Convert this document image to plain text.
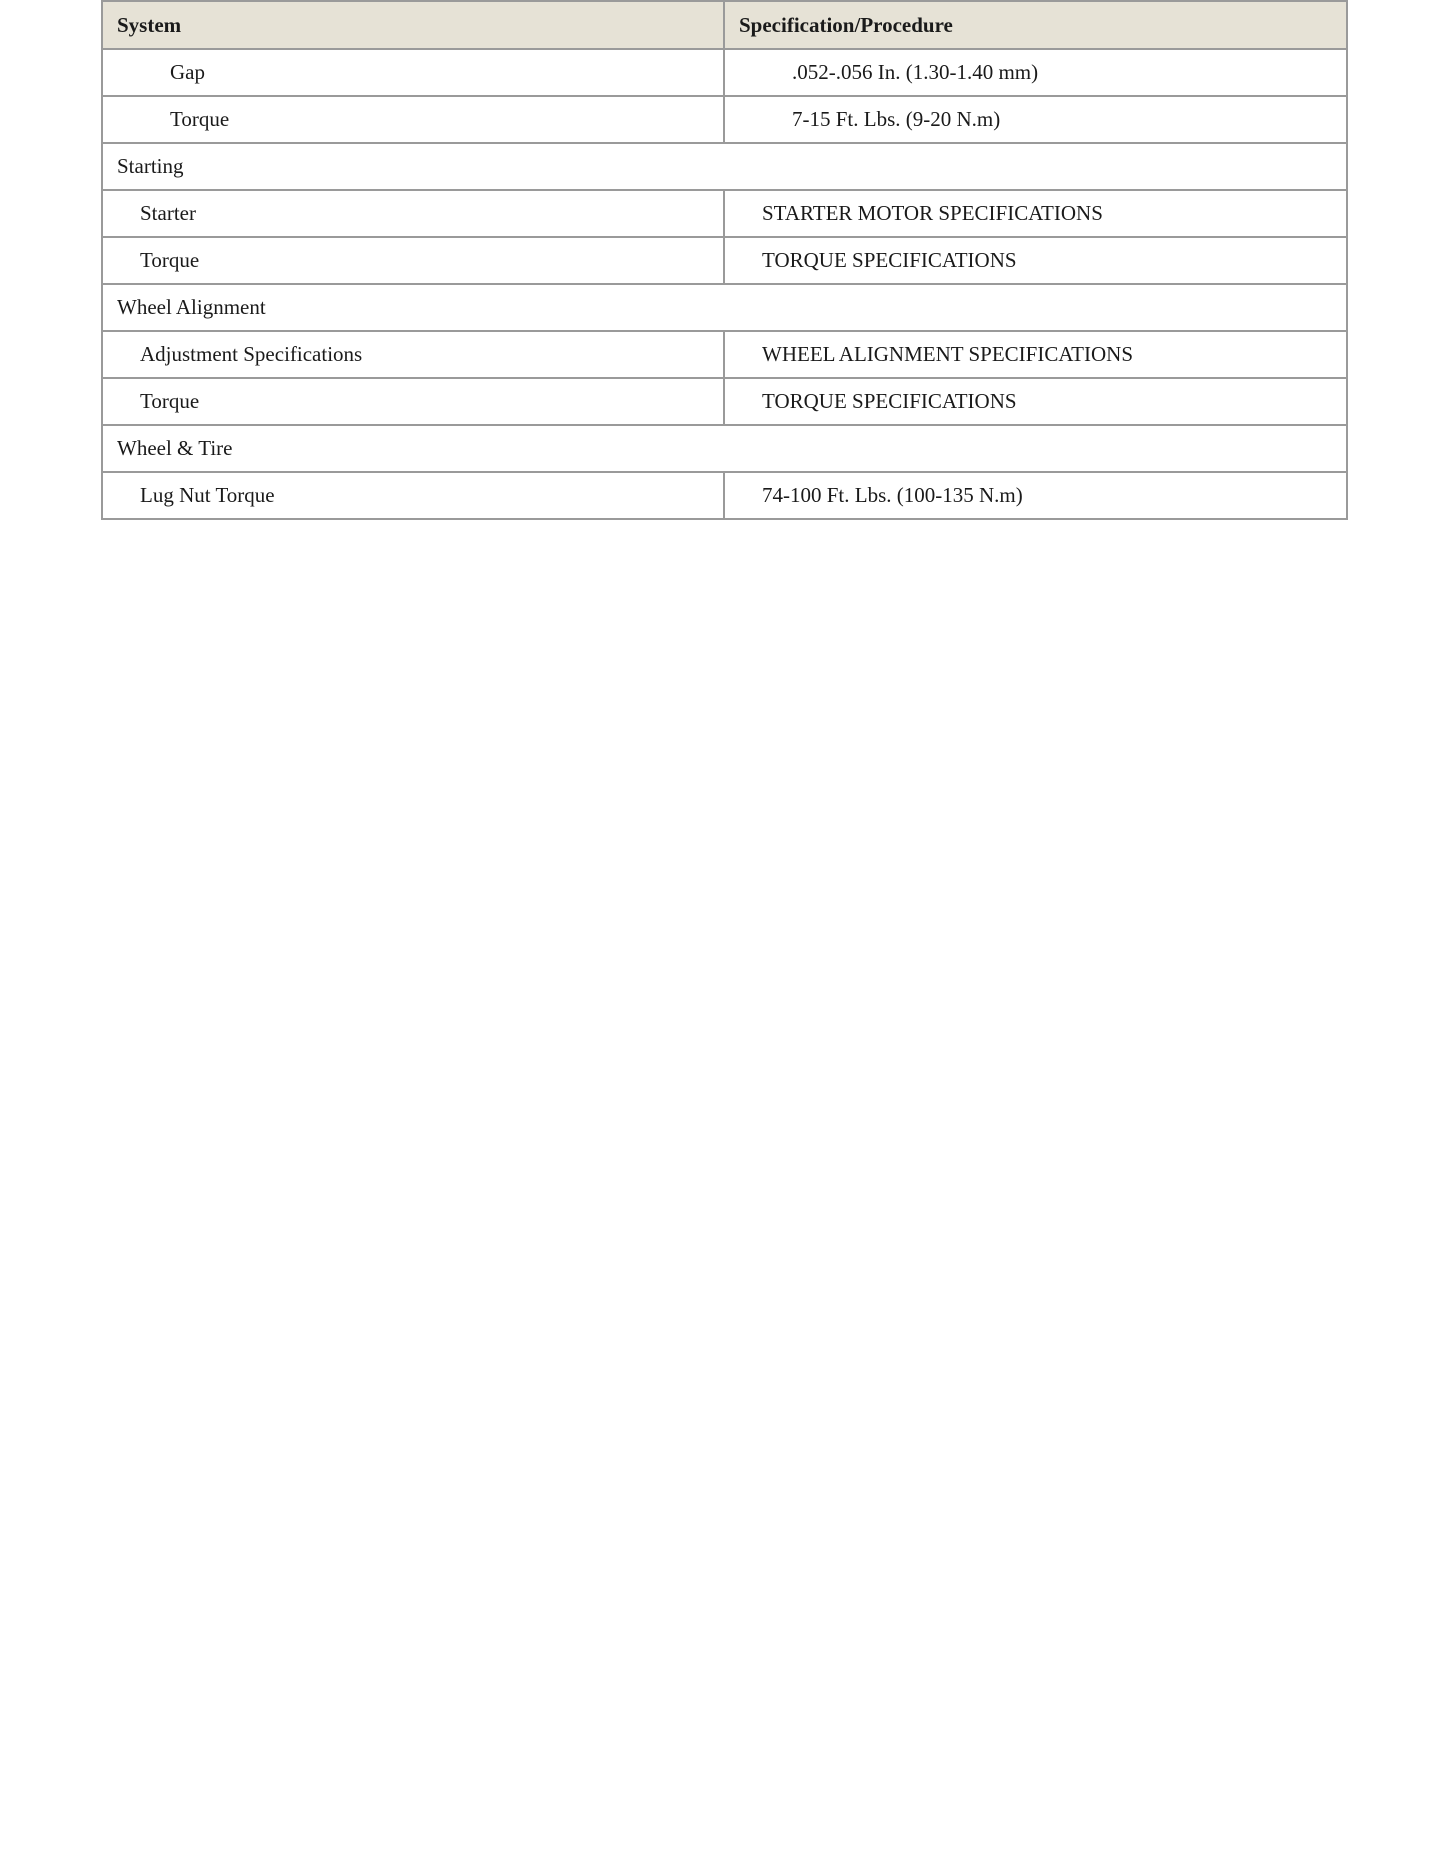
System	Specification/Procedure
Gap	.052-.056 In. (1.30-1.40 mm)
Torque	7-15 Ft. Lbs. (9-20 N.m)
Starting	
Starter	STARTER MOTOR SPECIFICATIONS
Torque	TORQUE SPECIFICATIONS
Wheel Alignment	
Adjustment Specifications	WHEEL ALIGNMENT SPECIFICATIONS
Torque	TORQUE SPECIFICATIONS
Wheel & Tire	
Lug Nut Torque	74-100 Ft. Lbs. (100-135 N.m)
